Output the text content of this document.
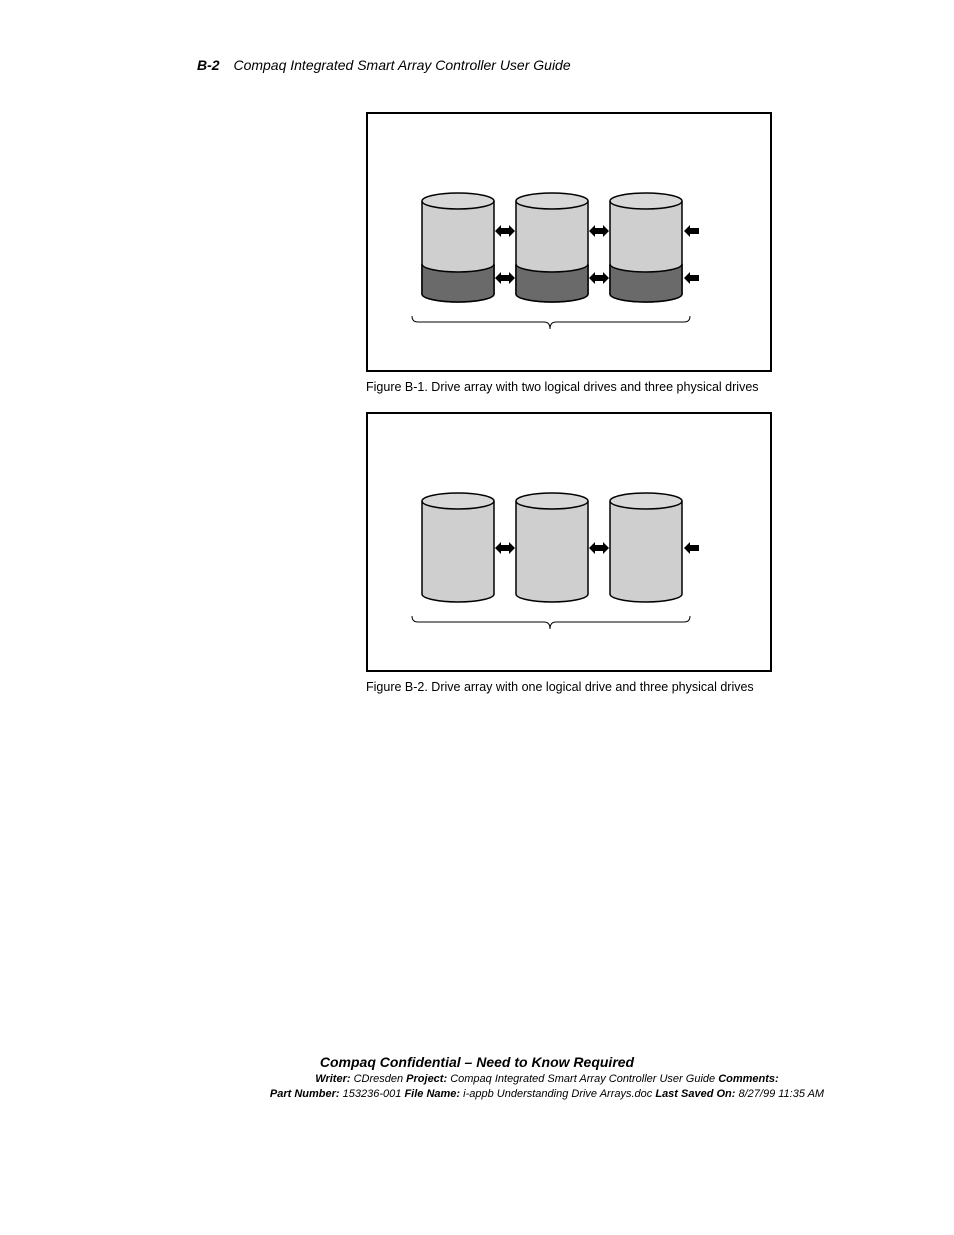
B-2 Compaq Integrated Smart Array Controller User Guide
Figure B-1. Drive array with two logical drives and three physical drives
Figure B-2. Drive array with one logical drive and three physical drives
Compaq Confidential – Need to Know Required
Writer: CDresden Project: Compaq Integrated Smart Array Controller User Guide Comments:
Part Number: 153236-001 File Name: i-appb Understanding Drive Arrays.doc Last Saved On: 8/27/99 11:35 AM
